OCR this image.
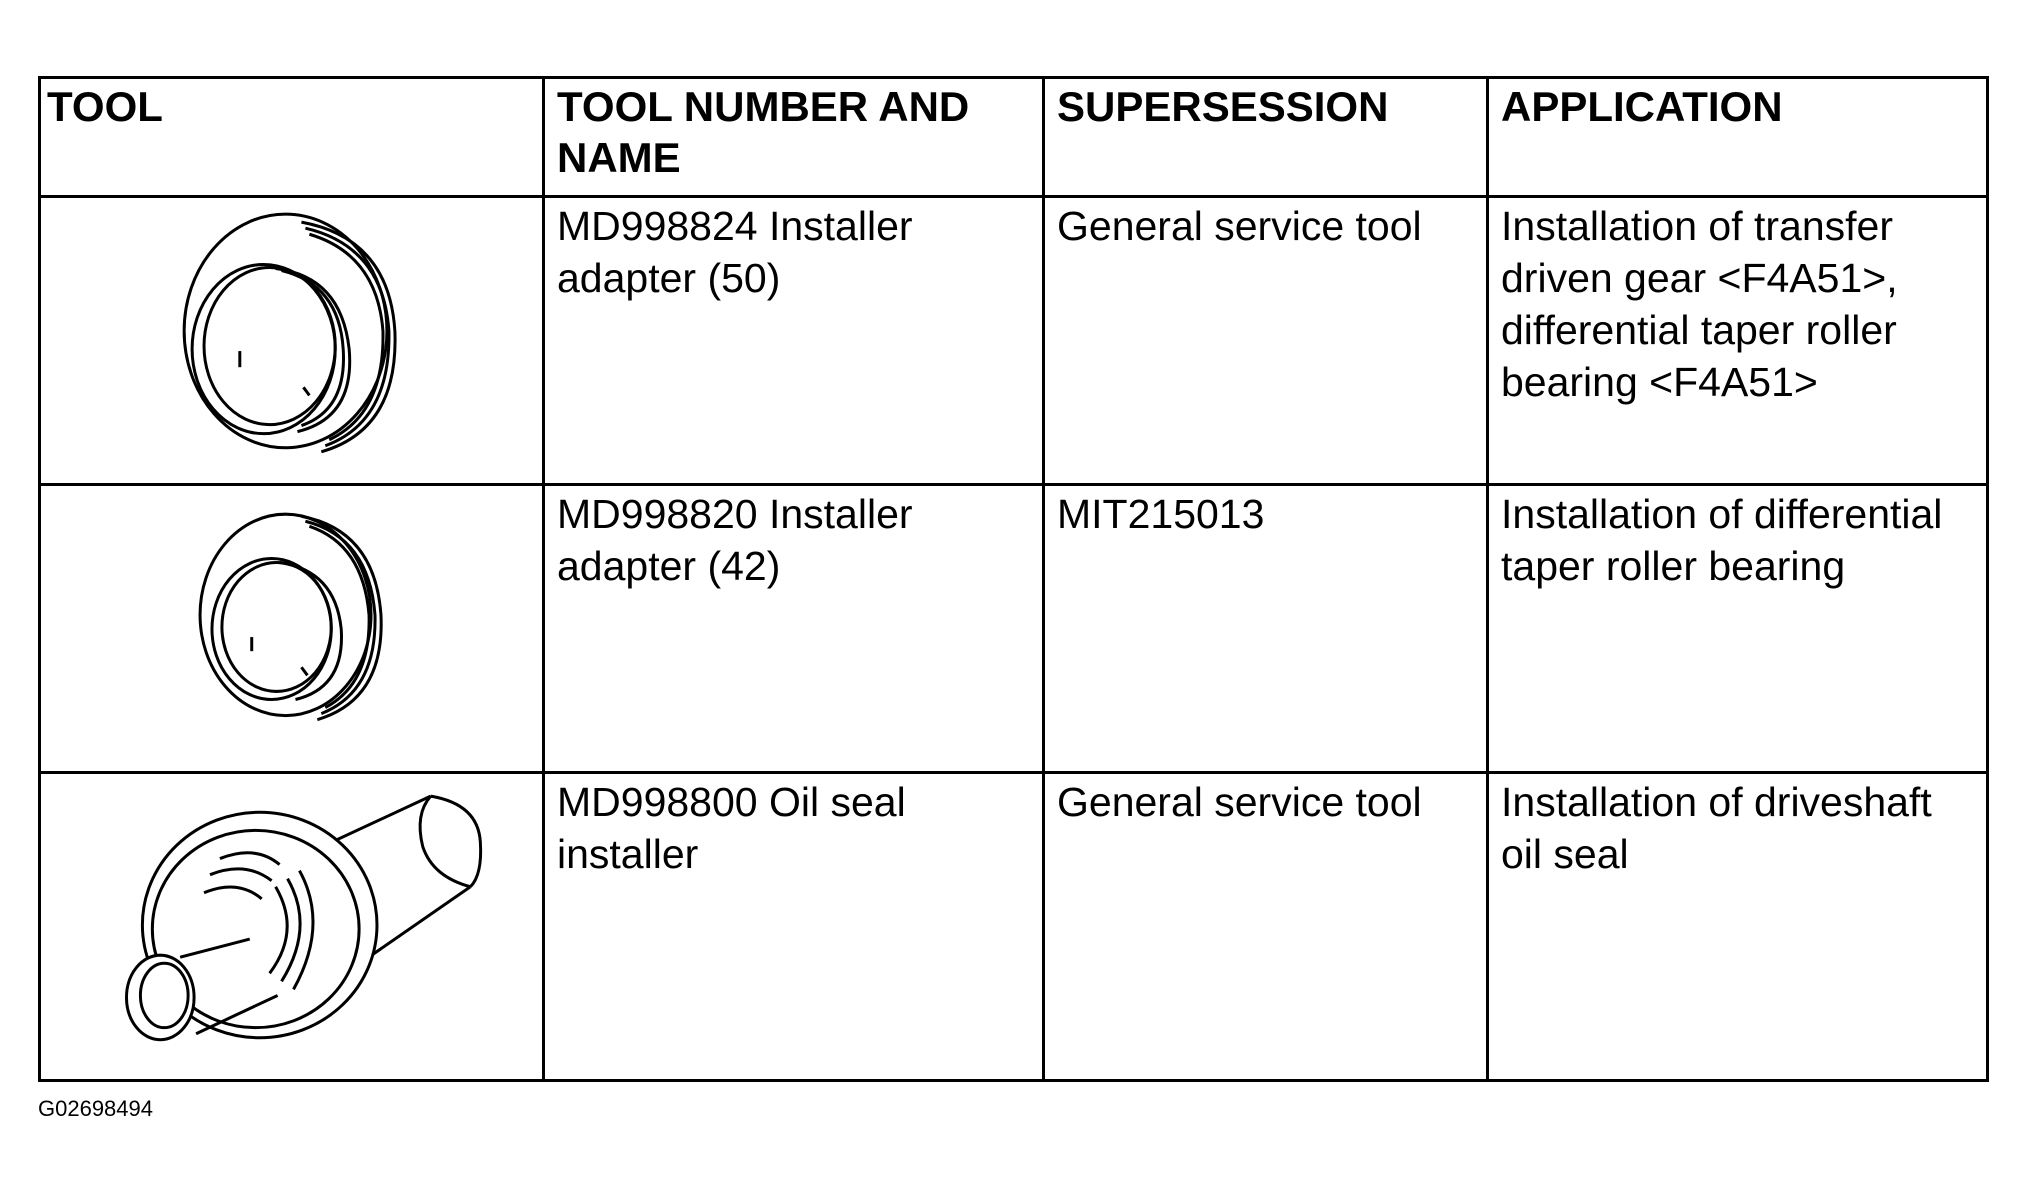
TOOL	TOOL NUMBER AND NAME	SUPERSESSION	APPLICATION

	MD998824 Installer adapter (50)	General service tool	Installation of transfer driven gear <F4A51>, differential taper roller bearing <F4A51>

	MD998820 Installer adapter (42)	MIT215013	Installation of differential taper roller bearing

	MD998800 Oil seal installer	General service tool	Installation of driveshaft oil seal
G02698494
